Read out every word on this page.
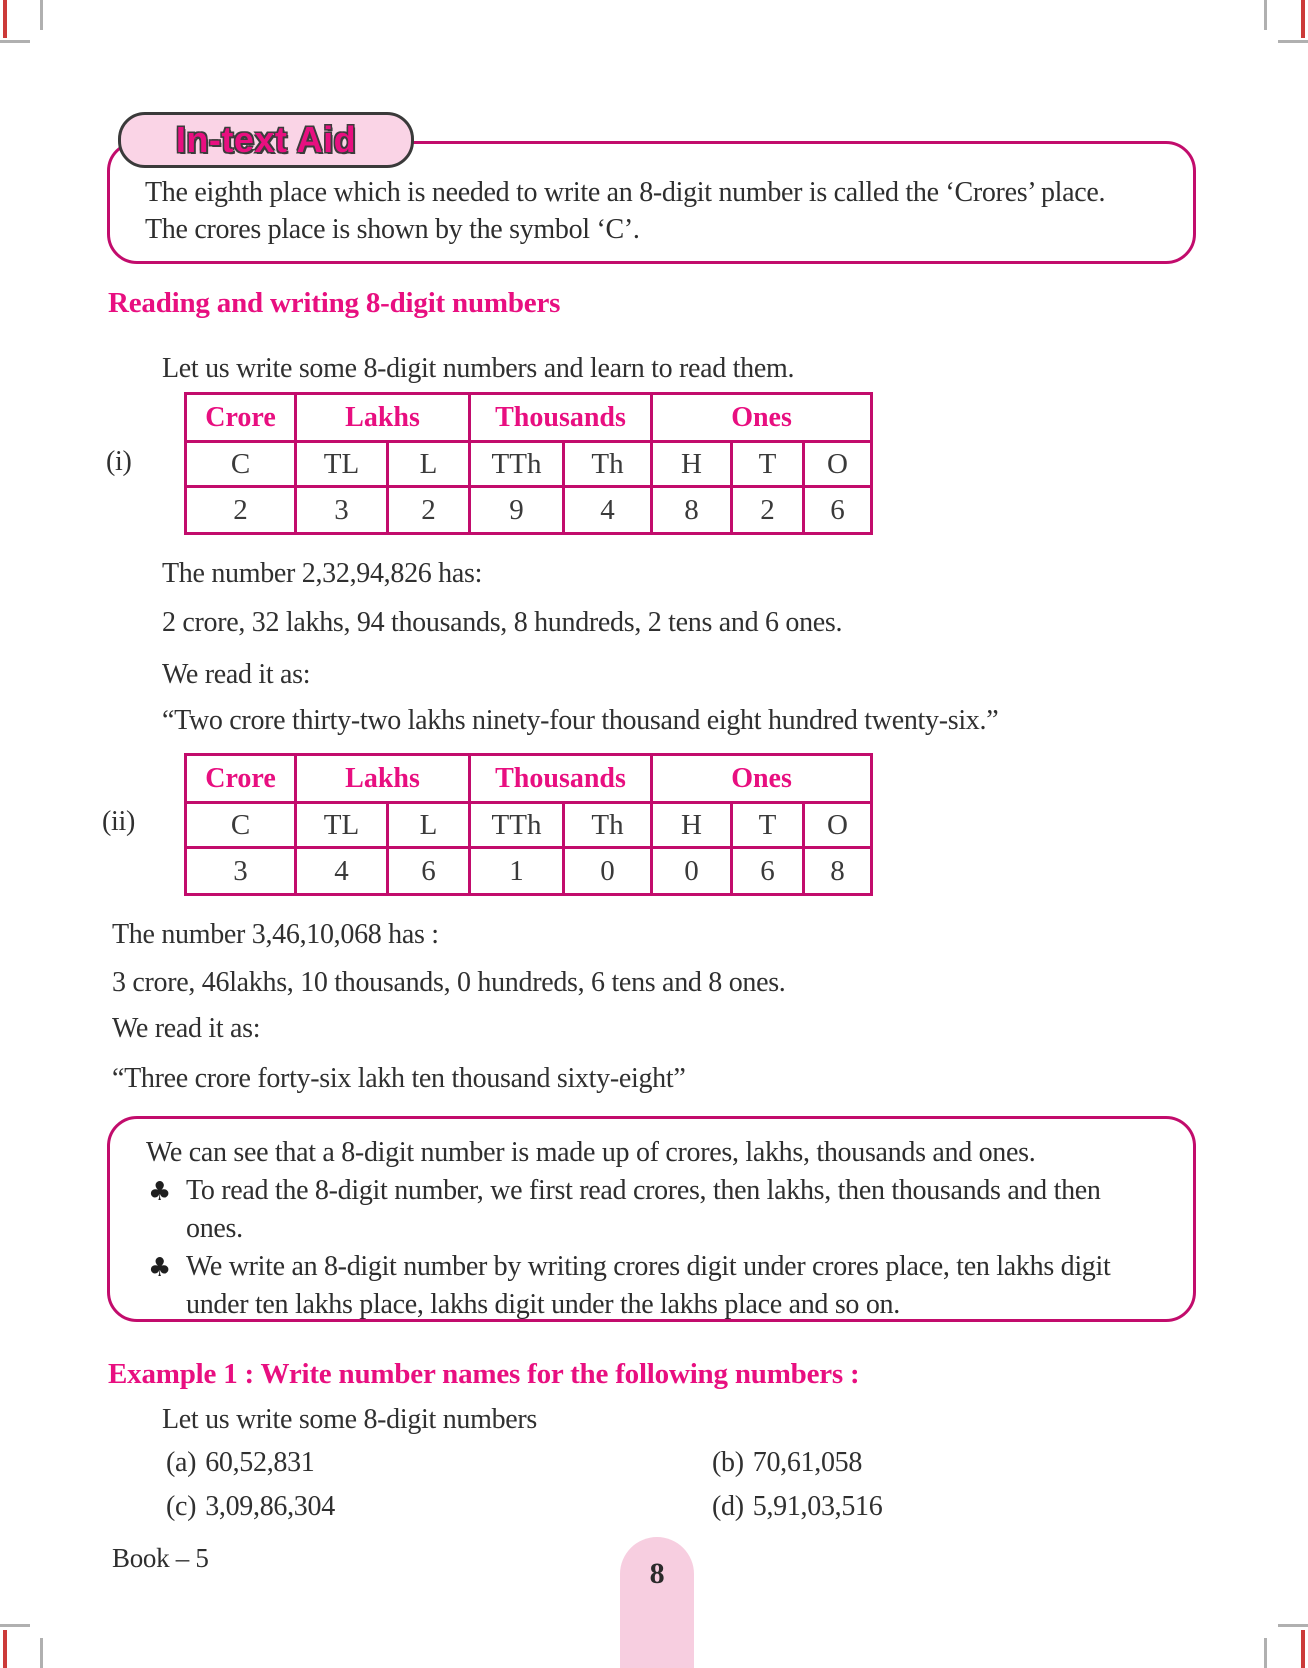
In-text Aid
The eighth place which is needed to write an 8-digit number is called the ‘Crores’ place. The crores place is shown by the symbol ‘C’.
Reading and writing 8-digit numbers
Let us write some 8-digit numbers and learn to read them.
(i)
Crore	Lakhs		Thousands		Ones		
C	TL	L	TTh	Th	H	T	O
2	3	2	9	4	8	2	6
The number 2,32,94,826 has:
2 crore, 32 lakhs, 94 thousands, 8 hundreds, 2 tens and 6 ones.
We read it as:
“Two crore thirty-two lakhs ninety-four thousand eight hundred twenty-six.”
(ii)
Crore	Lakhs		Thousands		Ones		
C	TL	L	TTh	Th	H	T	O
3	4	6	1	0	0	6	8
The number 3,46,10,068 has :
3 crore, 46lakhs, 10 thousands, 0 hundreds, 6 tens and 8 ones.
We read it as:
“Three crore forty-six lakh ten thousand sixty-eight”

We can see that a 8-digit number is made up of crores, lakhs, thousands and ones.

♣ To read the 8-digit number, we first read crores, then lakhs, then thousands and then ones.

♣ We write an 8-digit number by writing crores digit under crores place, ten lakhs digit under ten lakhs place, lakhs digit under the lakhs place and so on.

Example 1 : Write number names for the following numbers :
Let us write some 8-digit numbers
(a) 60,52,831	(b) 70,61,058
(c) 3,09,86,304	(d) 5,91,03,516
Book – 5	8
